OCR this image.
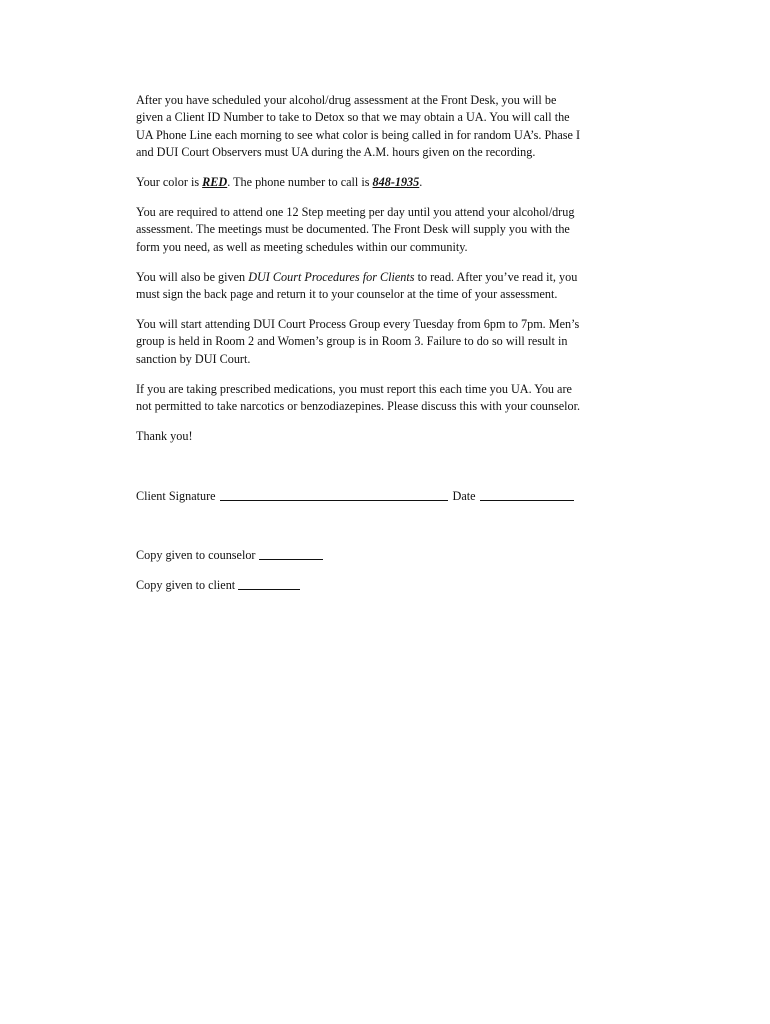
After you have scheduled your alcohol/drug assessment at the Front Desk, you will be given a Client ID Number to take to Detox so that we may obtain a UA. You will call the UA Phone Line each morning to see what color is being called in for random UA’s. Phase I and DUI Court Observers must UA during the A.M. hours given on the recording.

Your color is RED. The phone number to call is 848-1935.

You are required to attend one 12 Step meeting per day until you attend your alcohol/drug assessment. The meetings must be documented. The Front Desk will supply you with the form you need, as well as meeting schedules within our community.

You will also be given DUI Court Procedures for Clients to read. After you’ve read it, you must sign the back page and return it to your counselor at the time of your assessment.

You will start attending DUI Court Process Group every Tuesday from 6pm to 7pm. Men’s group is held in Room 2 and Women’s group is in Room 3. Failure to do so will result in sanction by DUI Court.

If you are taking prescribed medications, you must report this each time you UA. You are not permitted to take narcotics or benzodiazepines. Please discuss this with your counselor.

Thank you!

Client Signature	Date
Copy given to counselor
Copy given to client
